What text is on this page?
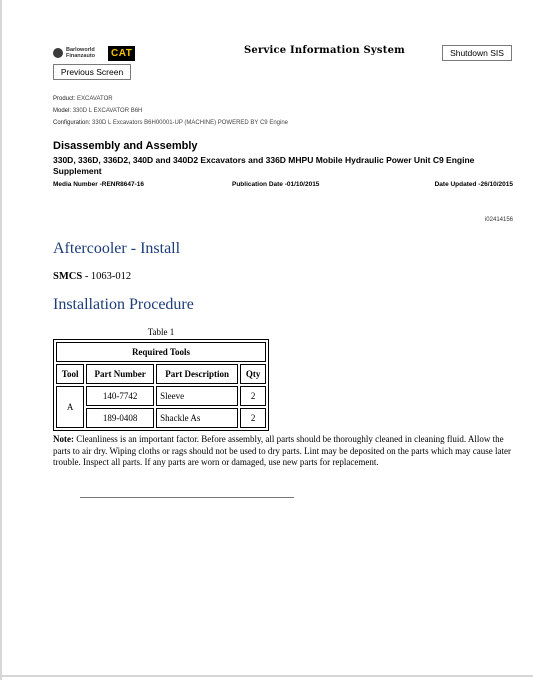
Barloworld Finanzauto	CAT	Service Information System	Shutdown SIS
Previous Screen
Product: EXCAVATOR
Model: 330D L EXCAVATOR B6H
Configuration: 330D L Excavators B6H00001-UP (MACHINE) POWERED BY C9 Engine
Disassembly and Assembly
330D, 336D, 336D2, 340D and 340D2 Excavators and 336D MHPU Mobile Hydraulic Power Unit C9 Engine Supplement
Media Number -RENR8647-16	Publication Date -01/10/2015	Date Updated -26/10/2015
i02414156
Aftercooler - Install
SMCS - 1063-012
Installation Procedure
Table 1
Required Tools			
Tool	Part Number	Part Description	Qty
A	140-7742	Sleeve	2
	189-0408	Shackle As	2
Note: Cleanliness is an important factor. Before assembly, all parts should be thoroughly cleaned in cleaning fluid. Allow the parts to air dry. Wiping cloths or rags should not be used to dry parts. Lint may be deposited on the parts which may cause later trouble. Inspect all parts. If any parts are worn or damaged, use new parts for replacement.
